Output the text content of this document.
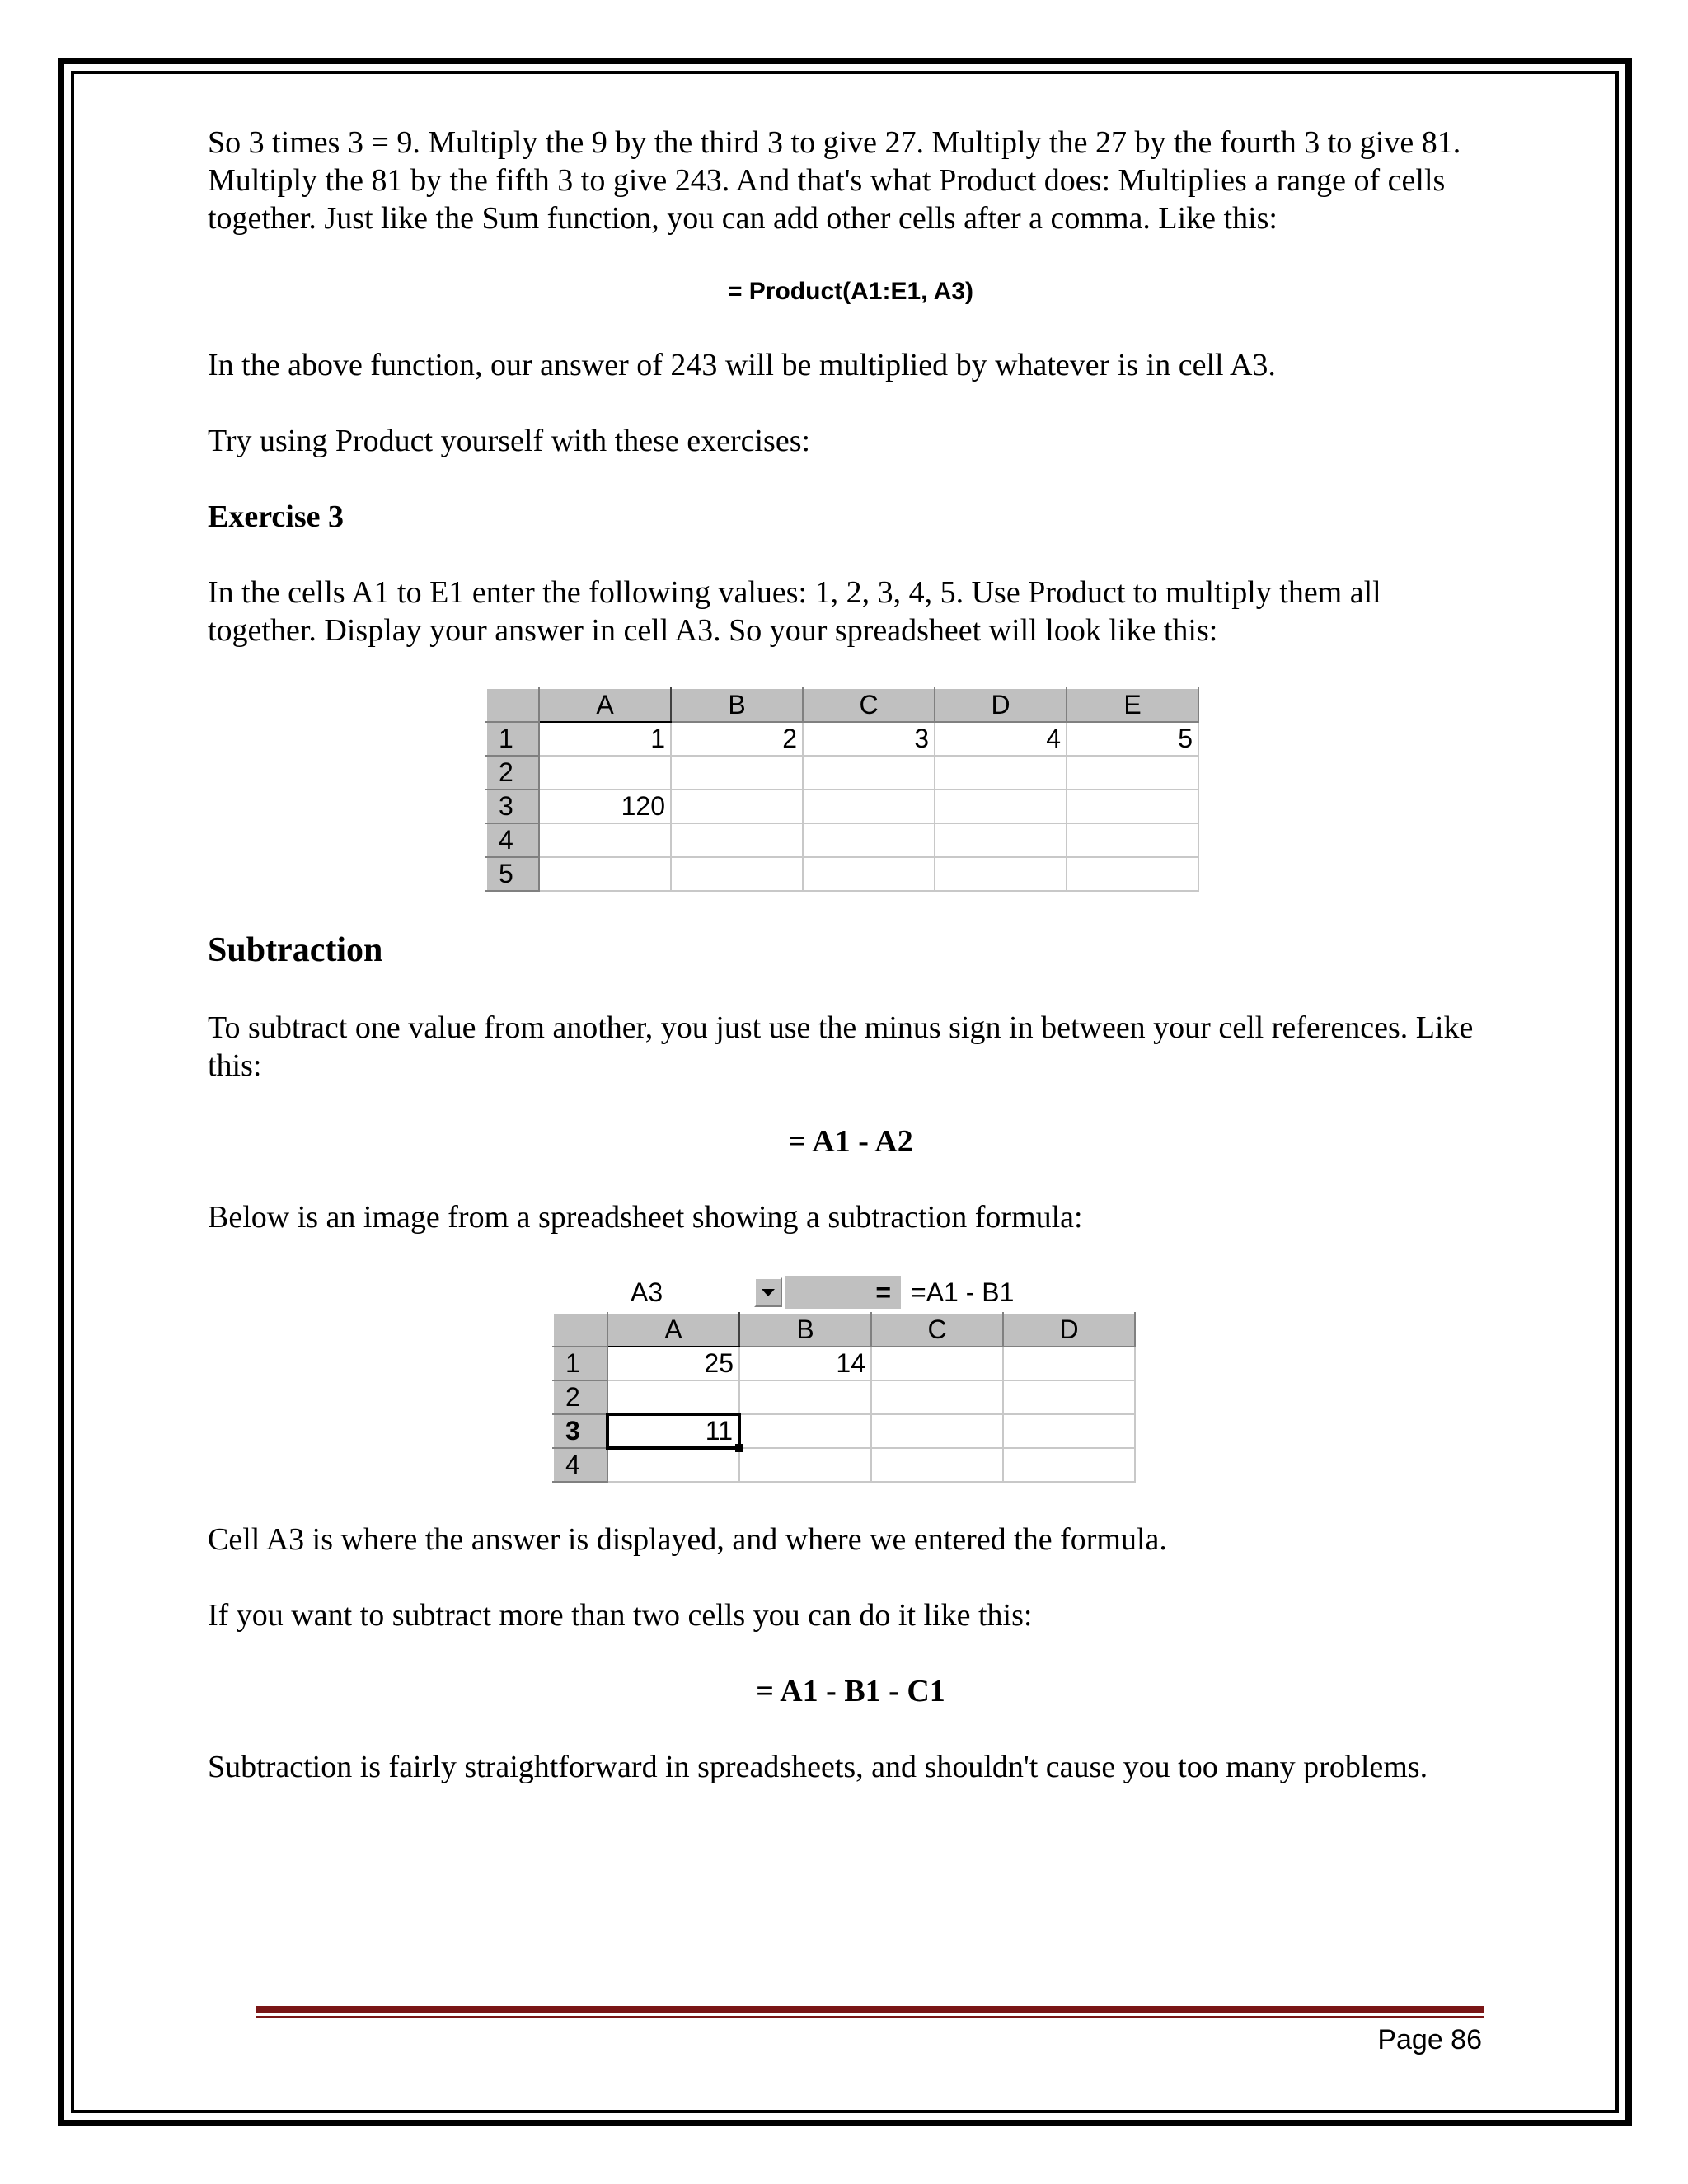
So 3 times 3 = 9. Multiply the 9 by the third 3 to give 27. Multiply the 27 by the fourth 3 to give 81. Multiply the 81 by the fifth 3 to give 243. And that's what Product does: Multiplies a range of cells together. Just like the Sum function, you can add other cells after a comma. Like this:

= Product(A1:E1, A3)

In the above function, our answer of 243 will be multiplied by whatever is in cell A3.

Try using Product yourself with these exercises:

Exercise 3

In the cells A1 to E1 enter the following values: 1, 2, 3, 4, 5. Use Product to multiply them all together. Display your answer in cell A3. So your spreadsheet will look like this:

	A	B	C	D	E
1	1	2	3	4	5
2					
3	120				
4					
5					

Subtraction

To subtract one value from another, you just use the minus sign in between your cell references. Like this:

= A1 - A2

Below is an image from a spreadsheet showing a subtraction formula:

A3	= =A1 - B1
	A	B	C	D
1	25	14		
2				
3	11

4				

Cell A3 is where the answer is displayed, and where we entered the formula.

If you want to subtract more than two cells you can do it like this:

= A1 - B1 - C1

Subtraction is fairly straightforward in spreadsheets, and shouldn't cause you too many problems.

Page 86
